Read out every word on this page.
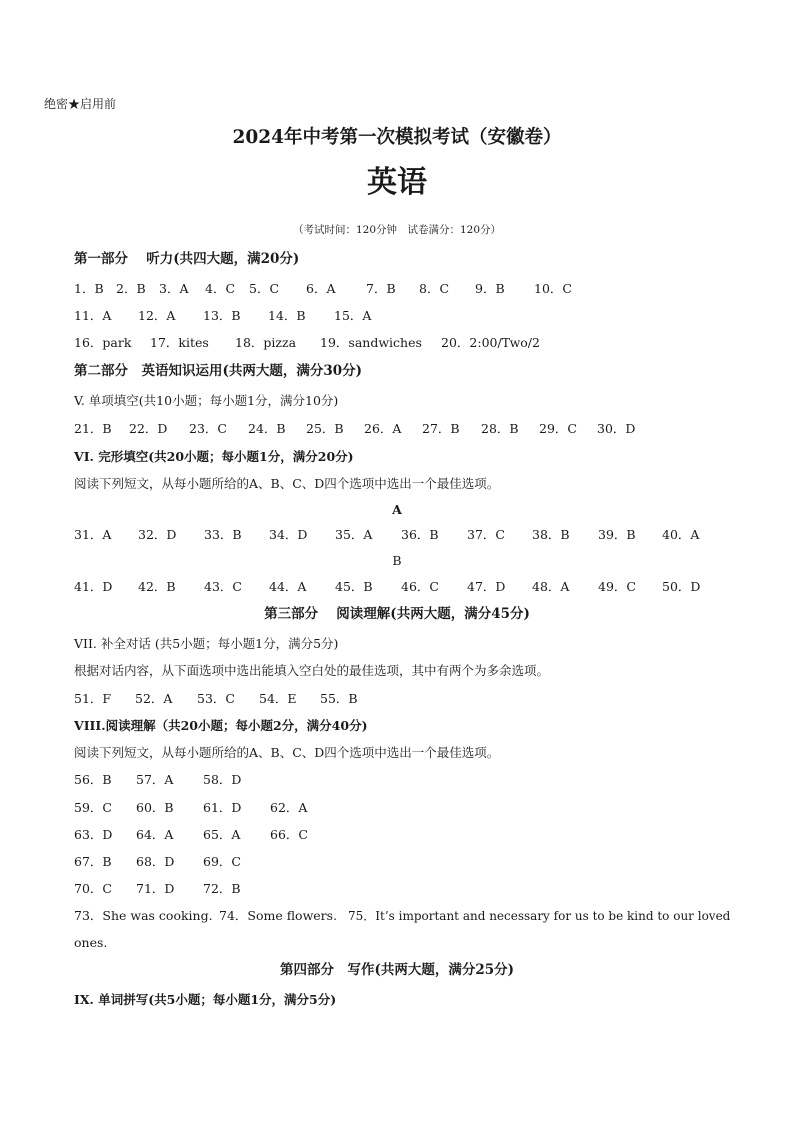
绝密★启用前
2024年中考第一次模拟考试（安徽卷）
英语
（考试时间：120分钟　试卷满分：120分）
第一部分　 听力(共四大题，满20分)
1．B 2．B 3．A 4．C 5．C 6．A 7．B 8．C 9．B 10．C
11．A 12．A 13．B 14．B 15．A
16．park 17．kites 18．pizza 19．sandwiches 20．2:00/Two/2
第二部分　英语知识运用(共两大题，满分30分)
V. 单项填空(共10小题；每小题1分，满分10分)
21．B 22．D 23．C 24．B 25．B 26．A 27．B 28．B 29．C 30．D
VI. 完形填空(共20小题；每小题1分，满分20分)
阅读下列短文，从每小题所给的A、B、C、D四个选项中选出一个最佳选项。
A
31．A 32．D 33．B 34．D 35．A 36．B 37．C 38．B 39．B 40．A
B
41．D 42．B 43．C 44．A 45．B 46．C 47．D 48．A 49．C 50．D
第三部分　 阅读理解(共两大题，满分45分)
VII. 补全对话 (共5小题；每小题1分，满分5分)
根据对话内容，从下面选项中选出能填入空白处的最佳选项，其中有两个为多余选项。
51．F 52．A 53．C 54．E 55．B
VIII.阅读理解（共20小题；每小题2分，满分40分)
阅读下列短文，从每小题所给的A、B、C、D四个选项中选出一个最佳选项。
56．B 57．A 58．D
59．C 60．B 61．D 62．A
63．D 64．A 65．A 66．C
67．B 68．D 69．C
70．C 71．D 72．B
73．She was cooking. 74．Some flowers. 75．It’s important and necessary for us to be kind to our loved
ones.
第四部分　写作(共两大题，满分25分)
IX. 单词拼写(共5小题；每小题1分，满分5分)
